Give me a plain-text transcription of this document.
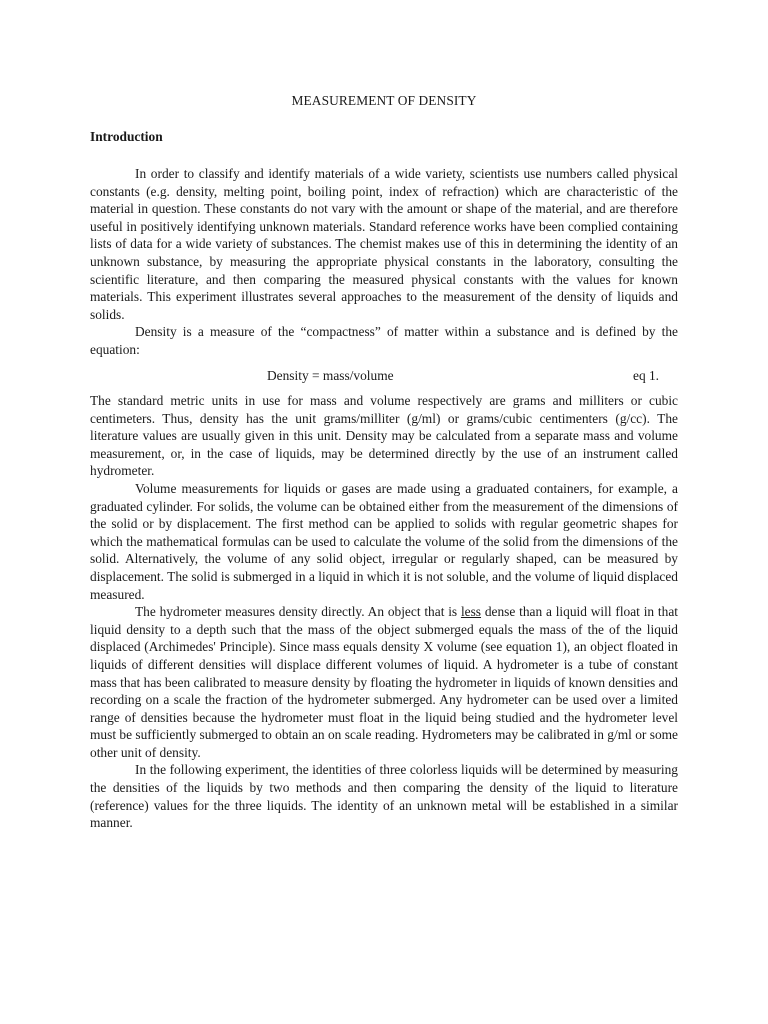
MEASUREMENT OF DENSITY
Introduction

In order to classify and identify materials of a wide variety, scientists use numbers called physical constants (e.g. density, melting point, boiling point, index of refraction) which are characteristic of the material in question. These constants do not vary with the amount or shape of the material, and are therefore useful in positively identifying unknown materials. Standard reference works have been complied containing lists of data for a wide variety of substances. The chemist makes use of this in determining the identity of an unknown substance, by measuring the appropriate physical constants in the laboratory, consulting the scientific literature, and then comparing the measured physical constants with the values for known materials. This experiment illustrates several approaches to the measurement of the density of liquids and solids.

Density is a measure of the “compactness” of matter within a substance and is defined by the equation:

Density = mass/volume	eq 1.

The standard metric units in use for mass and volume respectively are grams and milliters or cubic centimeters. Thus, density has the unit grams/milliter (g/ml) or grams/cubic centimenters (g/cc). The literature values are usually given in this unit. Density may be calculated from a separate mass and volume measurement, or, in the case of liquids, may be determined directly by the use of an instrument called hydrometer.

Volume measurements for liquids or gases are made using a graduated containers, for example, a graduated cylinder. For solids, the volume can be obtained either from the measurement of the dimensions of the solid or by displacement. The first method can be applied to solids with regular geometric shapes for which the mathematical formulas can be used to calculate the volume of the solid from the dimensions of the solid. Alternatively, the volume of any solid object, irregular or regularly shaped, can be measured by displacement. The solid is submerged in a liquid in which it is not soluble, and the volume of liquid displaced measured.

The hydrometer measures density directly. An object that is less dense than a liquid will float in that liquid density to a depth such that the mass of the object submerged equals the mass of the of the liquid displaced (Archimedes' Principle). Since mass equals density X volume (see equation 1), an object floated in liquids of different densities will displace different volumes of liquid. A hydrometer is a tube of constant mass that has been calibrated to measure density by floating the hydrometer in liquids of known densities and recording on a scale the fraction of the hydrometer submerged. Any hydrometer can be used over a limited range of densities because the hydrometer must float in the liquid being studied and the hydrometer level must be sufficiently submerged to obtain an on scale reading. Hydrometers may be calibrated in g/ml or some other unit of density.

In the following experiment, the identities of three colorless liquids will be determined by measuring the densities of the liquids by two methods and then comparing the density of the liquid to literature (reference) values for the three liquids. The identity of an unknown metal will be established in a similar manner.
